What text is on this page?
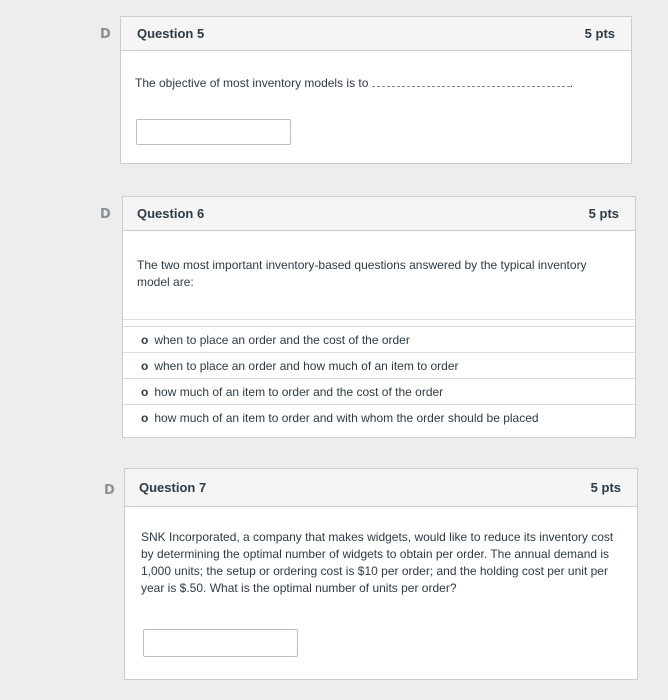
D Question 5	5 pts
The objective of most inventory models is to	.
D Question 6	5 pts
The two most important inventory-based questions answered by the typical inventory model are:
o when to place an order and the cost of the order
o when to place an order and how much of an item to order
o how much of an item to order and the cost of the order
o how much of an item to order and with whom the order should be placed
D Question 7	5 pts
SNK Incorporated, a company that makes widgets, would like to reduce its inventory cost by determining the optimal number of widgets to obtain per order. The annual demand is 1,000 units; the setup or ordering cost is $10 per order; and the holding cost per unit per year is $.50. What is the optimal number of units per order?
